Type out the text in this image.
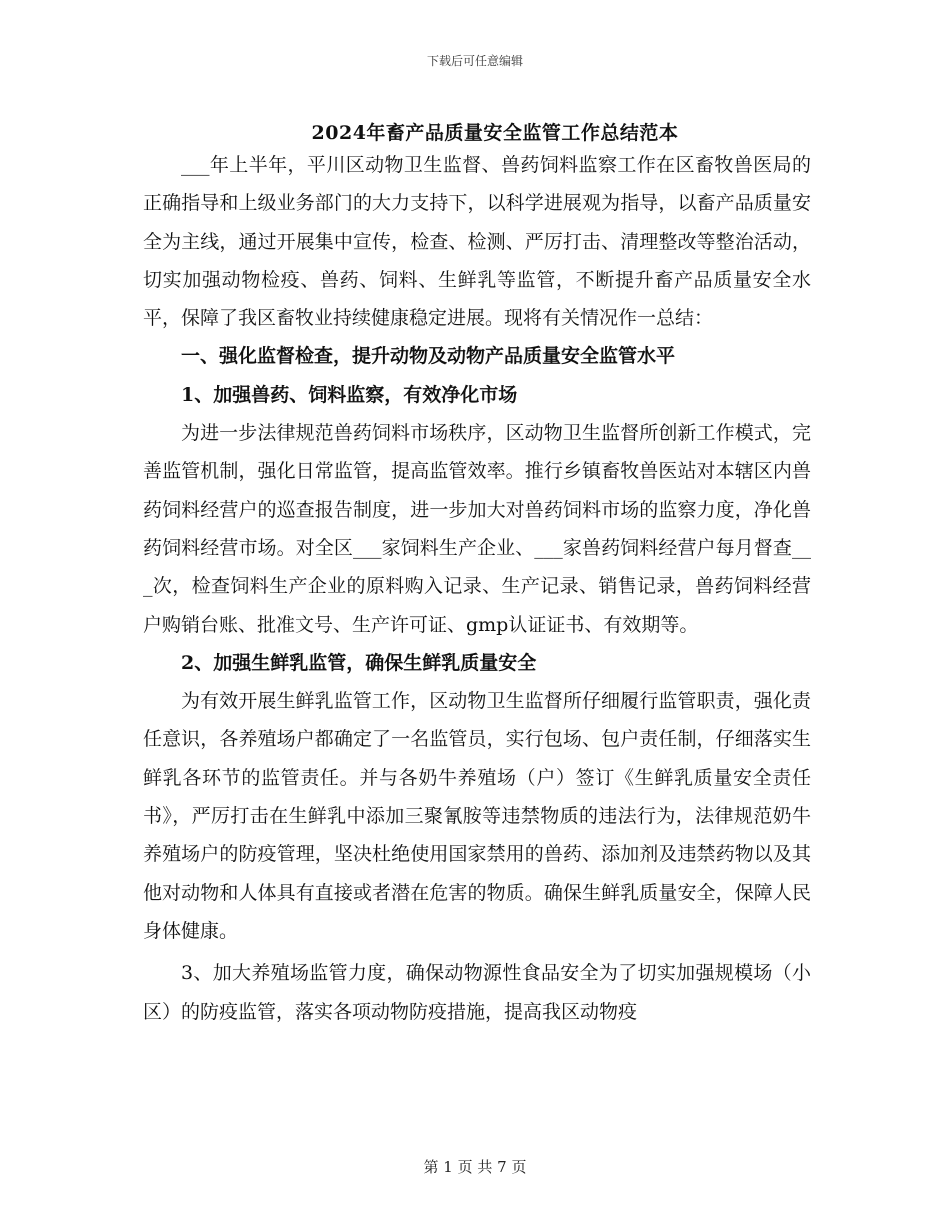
下载后可任意编辑
2024年畜产品质量安全监管工作总结范本

___年上半年，平川区动物卫生监督、兽药饲料监察工作在区畜牧兽医局的正确指导和上级业务部门的大力支持下，以科学进展观为指导，以畜产品质量安全为主线，通过开展集中宣传，检查、检测、严厉打击、清理整改等整治活动，切实加强动物检疫、兽药、饲料、生鲜乳等监管，不断提升畜产品质量安全水平，保障了我区畜牧业持续健康稳定进展。现将有关情况作一总结：

一、强化监督检查，提升动物及动物产品质量安全监管水平

1、加强兽药、饲料监察，有效净化市场

为进一步法律规范兽药饲料市场秩序，区动物卫生监督所创新工作模式，完善监管机制，强化日常监管，提高监管效率。推行乡镇畜牧兽医站对本辖区内兽药饲料经营户的巡查报告制度，进一步加大对兽药饲料市场的监察力度，净化兽药饲料经营市场。对全区___家饲料生产企业、___家兽药饲料经营户每月督查___次，检查饲料生产企业的原料购入记录、生产记录、销售记录，兽药饲料经营户购销台账、批准文号、生产许可证、gmp认证证书、有效期等。

2、加强生鲜乳监管，确保生鲜乳质量安全

为有效开展生鲜乳监管工作，区动物卫生监督所仔细履行监管职责，强化责任意识，各养殖场户都确定了一名监管员，实行包场、包户责任制，仔细落实生鲜乳各环节的监管责任。并与各奶牛养殖场（户）签订《生鲜乳质量安全责任书》，严厉打击在生鲜乳中添加三聚氰胺等违禁物质的违法行为，法律规范奶牛养殖场户的防疫管理，坚决杜绝使用国家禁用的兽药、添加剂及违禁药物以及其他对动物和人体具有直接或者潜在危害的物质。确保生鲜乳质量安全，保障人民身体健康。

3、加大养殖场监管力度，确保动物源性食品安全为了切实加强规模场（小区）的防疫监管，落实各项动物防疫措施，提高我区动物疫

第 1 页 共 7 页
